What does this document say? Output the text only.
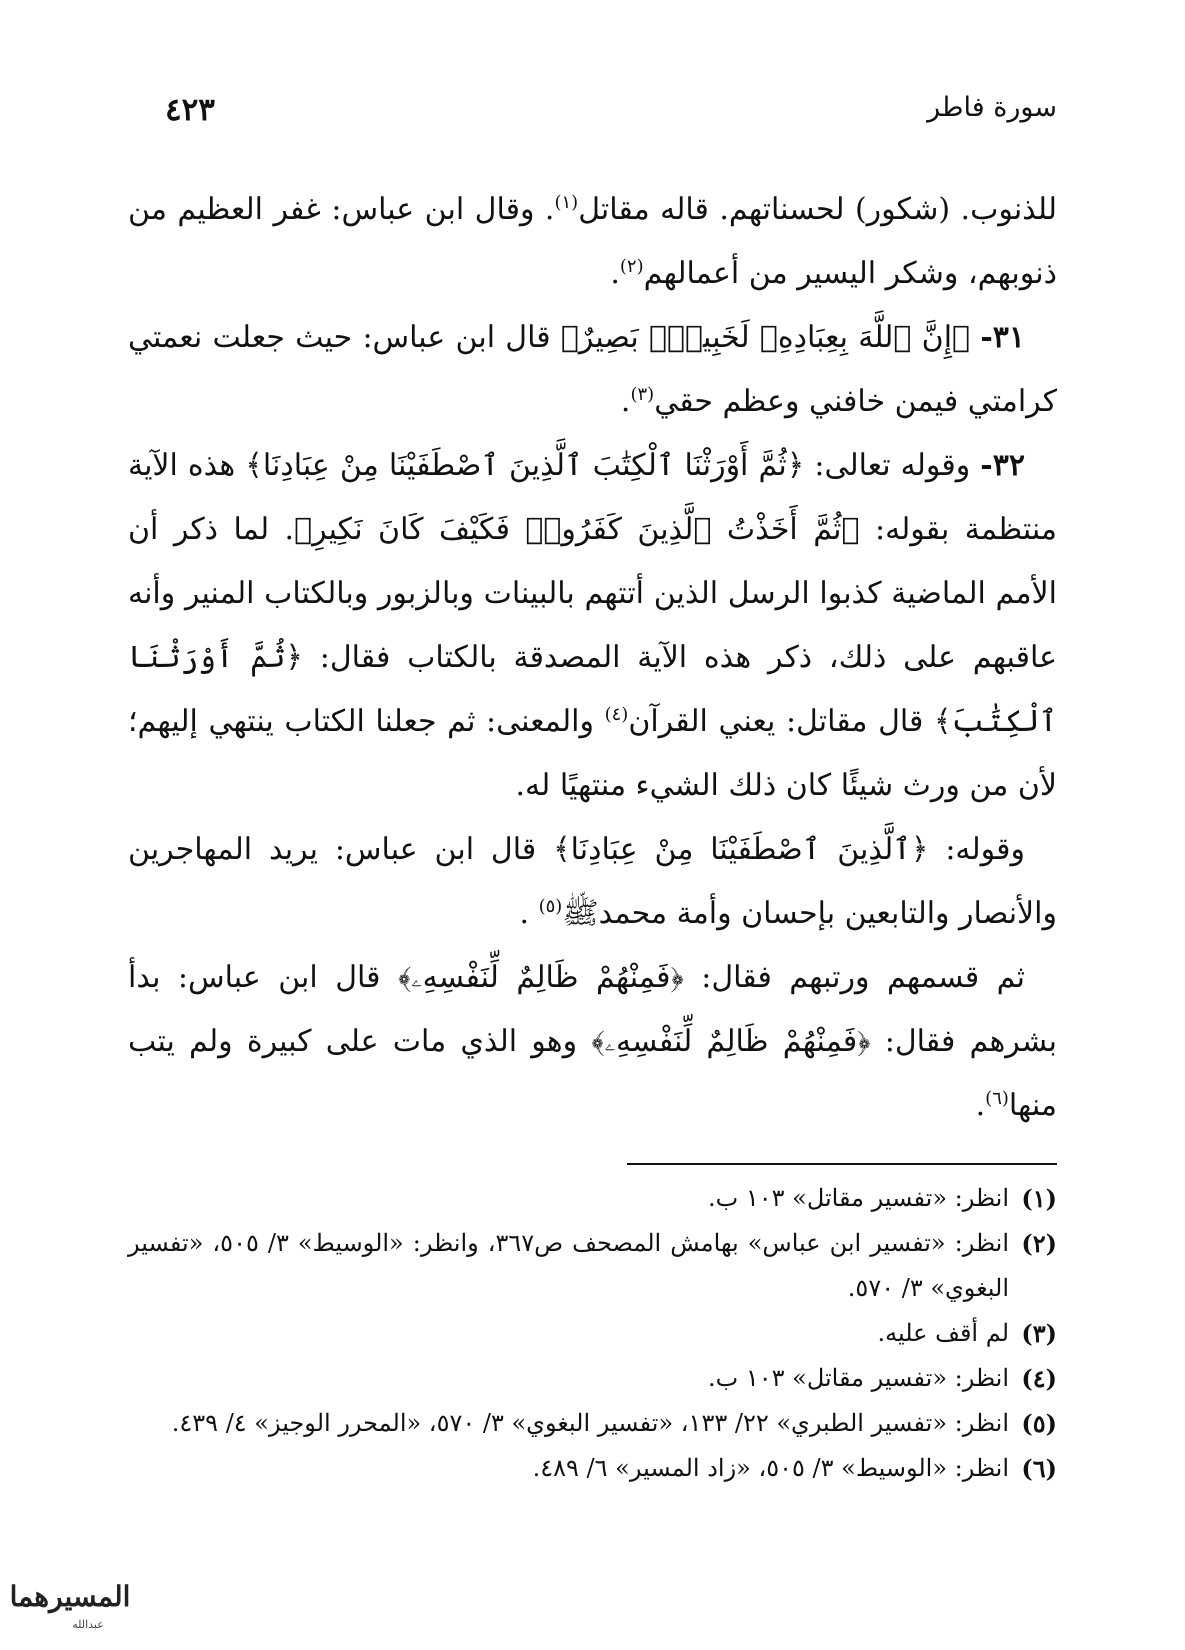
سورة فاطر
٤٢٣

للذنوب. (شكور) لحسناتهم. قاله مقاتل$^{(١)}$. وقال ابن عباس: غفر العظيم من ذنوبهم، وشكر اليسير من أعمالهم$^{(٢)}$.

٣١- ﴿إِنَّ ٱللَّهَ بِعِبَادِهِۦ لَخَبِيرٌۢ بَصِيرٌ﴾ قال ابن عباس: حيث جعلت نعمتي كرامتي فيمن خافني وعظم حقي$^{(٣)}$.

٣٢- وقوله تعالى: ﴿ثُمَّ أَوْرَثْنَا ٱلْكِتَٰبَ ٱلَّذِينَ ٱصْطَفَيْنَا مِنْ عِبَادِنَا﴾ هذه الآية منتظمة بقوله: ﴿ثُمَّ أَخَذْتُ ٱلَّذِينَ كَفَرُوا۟ فَكَيْفَ كَانَ نَكِيرِ﴾. لما ذكر أن الأمم الماضية كذبوا الرسل الذين أتتهم بالبينات وبالزبور وبالكتاب المنير وأنه عاقبهم على ذلك، ذكر هذه الآية المصدقة بالكتاب فقال: ﴿ثُمَّ أَوْرَثْنَا ٱلْكِتَٰبَ﴾ قال مقاتل: يعني القرآن$^{(٤)}$ والمعنى: ثم جعلنا الكتاب ينتهي إليهم؛ لأن من ورث شيئًا كان ذلك الشيء منتهيًا له.

وقوله: ﴿ٱلَّذِينَ ٱصْطَفَيْنَا مِنْ عِبَادِنَا﴾ قال ابن عباس: يريد المهاجرين والأنصار والتابعين بإحسان وأمة محمدﷺ$^{(٥)}$ .

ثم قسمهم ورتبهم فقال: ﴿فَمِنْهُمْ ظَالِمٌ لِّنَفْسِهِۦ﴾ قال ابن عباس: بدأ بشرهم فقال: ﴿فَمِنْهُمْ ظَالِمٌ لِّنَفْسِهِۦ﴾ وهو الذي مات على كبيرة ولم يتب منها$^{(٦)}$.

(١)
انظر: «تفسير مقاتل» ١٠٣ ب.
(٢)
انظر: «تفسير ابن عباس» بهامش المصحف ص٣٦٧، وانظر: «الوسيط» ٣/ ٥٠٥، «تفسير البغوي» ٣/ ٥٧٠.
(٣)
لم أقف عليه.
(٤)
انظر: «تفسير مقاتل» ١٠٣ ب.
(٥)
انظر: «تفسير الطبري» ٢٢/ ١٣٣، «تفسير البغوي» ٣/ ٥٧٠، «المحرر الوجيز» ٤/ ٤٣٩.
(٦)
انظر: «الوسيط» ٣/ ٥٠٥، «زاد المسير» ٦/ ٤٨٩.
المسيرهما
عبدالله
